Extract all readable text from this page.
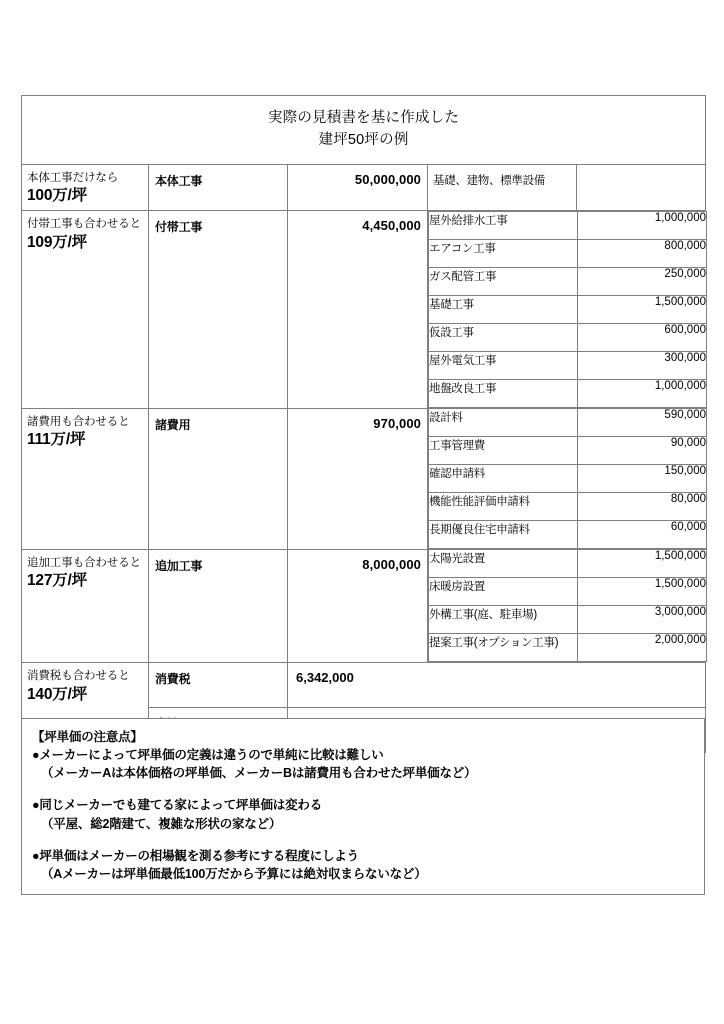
実際の見積書を基に作成した
建坪50坪の例

本体工事だけなら
100万/坪
	本体工事	50,000,000	基礎、建物、標準設備	

付帯工事も合わせると
109万/坪
	付帯工事	4,450,000	屋外給排水工事	1,000,000
エアコン工事	800,000
ガス配管工事	250,000
基礎工事	1,500,000
仮設工事	600,000
屋外電気工事	300,000
地盤改良工事	1,000,000

諸費用も合わせると
111万/坪
	諸費用	970,000	設計料	590,000
工事管理費	90,000
確認申請料	150,000
機能性能評価申請料	80,000
長期優良住宅申請料	60,000

追加工事も合わせると
127万/坪
	追加工事	8,000,000	太陽光設置	1,500,000
床暖房設置	1,500,000
外構工事(庭、駐車場)	3,000,000
提案工事(オプション工事)	2,000,000

消費税も合わせると
140万/坪
	消費税	6,342,000

【坪単価の注意点】
●メーカーによって坪単価の定義は違うので単純に比較は難しい
（メーカーAは本体価格の坪単価、メーカーBは諸費用も合わせた坪単価など）
●同じメーカーでも建てる家によって坪単価は変わる
（平屋、総2階建て、複雑な形状の家など）
●坪単価はメーカーの相場観を測る参考にする程度にしよう
（Aメーカーは坪単価最低100万だから予算には絶対収まらないなど）
